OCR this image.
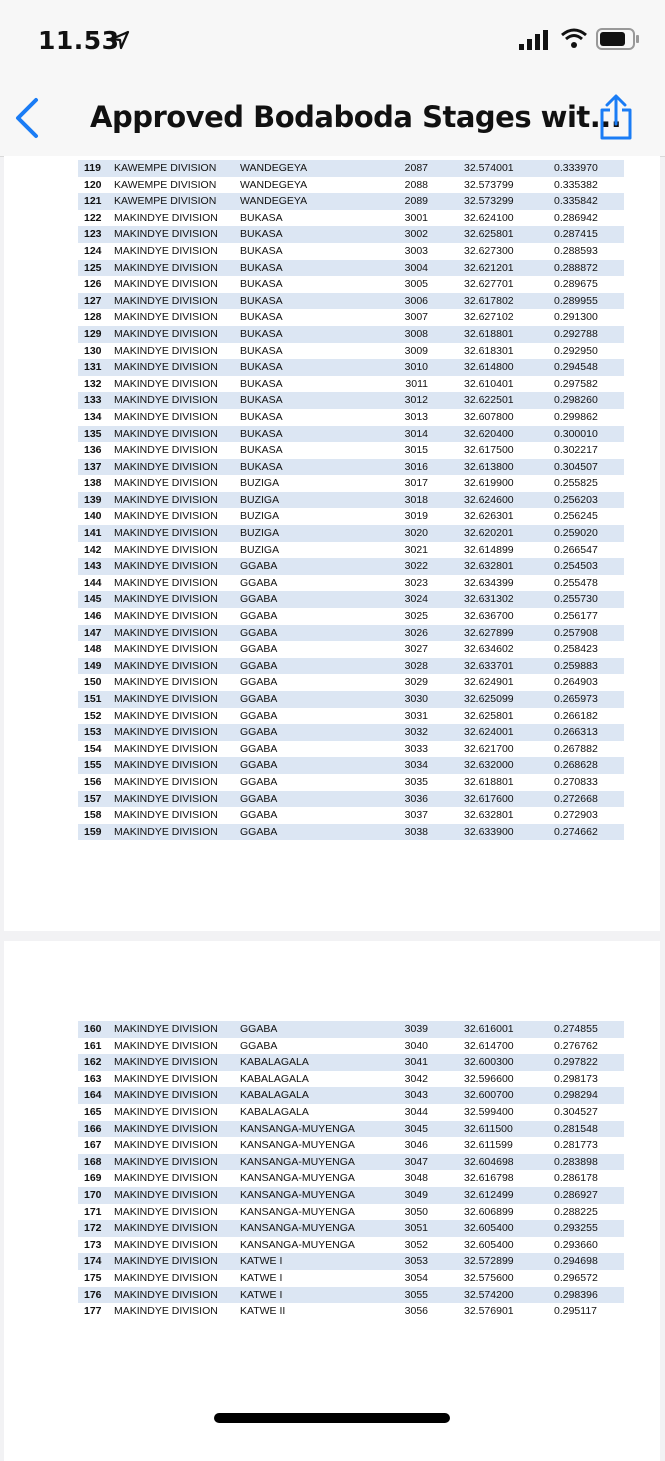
11.53
Approved Bodaboda Stages wit...
119	KAWEMPE DIVISION	WANDEGEYA	2087	32.574001	0.333970
120	KAWEMPE DIVISION	WANDEGEYA	2088	32.573799	0.335382
121	KAWEMPE DIVISION	WANDEGEYA	2089	32.573299	0.335842
122	MAKINDYE DIVISION	BUKASA	3001	32.624100	0.286942
123	MAKINDYE DIVISION	BUKASA	3002	32.625801	0.287415
124	MAKINDYE DIVISION	BUKASA	3003	32.627300	0.288593
125	MAKINDYE DIVISION	BUKASA	3004	32.621201	0.288872
126	MAKINDYE DIVISION	BUKASA	3005	32.627701	0.289675
127	MAKINDYE DIVISION	BUKASA	3006	32.617802	0.289955
128	MAKINDYE DIVISION	BUKASA	3007	32.627102	0.291300
129	MAKINDYE DIVISION	BUKASA	3008	32.618801	0.292788
130	MAKINDYE DIVISION	BUKASA	3009	32.618301	0.292950
131	MAKINDYE DIVISION	BUKASA	3010	32.614800	0.294548
132	MAKINDYE DIVISION	BUKASA	3011	32.610401	0.297582
133	MAKINDYE DIVISION	BUKASA	3012	32.622501	0.298260
134	MAKINDYE DIVISION	BUKASA	3013	32.607800	0.299862
135	MAKINDYE DIVISION	BUKASA	3014	32.620400	0.300010
136	MAKINDYE DIVISION	BUKASA	3015	32.617500	0.302217
137	MAKINDYE DIVISION	BUKASA	3016	32.613800	0.304507
138	MAKINDYE DIVISION	BUZIGA	3017	32.619900	0.255825
139	MAKINDYE DIVISION	BUZIGA	3018	32.624600	0.256203
140	MAKINDYE DIVISION	BUZIGA	3019	32.626301	0.256245
141	MAKINDYE DIVISION	BUZIGA	3020	32.620201	0.259020
142	MAKINDYE DIVISION	BUZIGA	3021	32.614899	0.266547
143	MAKINDYE DIVISION	GGABA	3022	32.632801	0.254503
144	MAKINDYE DIVISION	GGABA	3023	32.634399	0.255478
145	MAKINDYE DIVISION	GGABA	3024	32.631302	0.255730
146	MAKINDYE DIVISION	GGABA	3025	32.636700	0.256177
147	MAKINDYE DIVISION	GGABA	3026	32.627899	0.257908
148	MAKINDYE DIVISION	GGABA	3027	32.634602	0.258423
149	MAKINDYE DIVISION	GGABA	3028	32.633701	0.259883
150	MAKINDYE DIVISION	GGABA	3029	32.624901	0.264903
151	MAKINDYE DIVISION	GGABA	3030	32.625099	0.265973
152	MAKINDYE DIVISION	GGABA	3031	32.625801	0.266182
153	MAKINDYE DIVISION	GGABA	3032	32.624001	0.266313
154	MAKINDYE DIVISION	GGABA	3033	32.621700	0.267882
155	MAKINDYE DIVISION	GGABA	3034	32.632000	0.268628
156	MAKINDYE DIVISION	GGABA	3035	32.618801	0.270833
157	MAKINDYE DIVISION	GGABA	3036	32.617600	0.272668
158	MAKINDYE DIVISION	GGABA	3037	32.632801	0.272903
159	MAKINDYE DIVISION	GGABA	3038	32.633900	0.274662
160	MAKINDYE DIVISION	GGABA	3039	32.616001	0.274855
161	MAKINDYE DIVISION	GGABA	3040	32.614700	0.276762
162	MAKINDYE DIVISION	KABALAGALA	3041	32.600300	0.297822
163	MAKINDYE DIVISION	KABALAGALA	3042	32.596600	0.298173
164	MAKINDYE DIVISION	KABALAGALA	3043	32.600700	0.298294
165	MAKINDYE DIVISION	KABALAGALA	3044	32.599400	0.304527
166	MAKINDYE DIVISION	KANSANGA-MUYENGA	3045	32.611500	0.281548
167	MAKINDYE DIVISION	KANSANGA-MUYENGA	3046	32.611599	0.281773
168	MAKINDYE DIVISION	KANSANGA-MUYENGA	3047	32.604698	0.283898
169	MAKINDYE DIVISION	KANSANGA-MUYENGA	3048	32.616798	0.286178
170	MAKINDYE DIVISION	KANSANGA-MUYENGA	3049	32.612499	0.286927
171	MAKINDYE DIVISION	KANSANGA-MUYENGA	3050	32.606899	0.288225
172	MAKINDYE DIVISION	KANSANGA-MUYENGA	3051	32.605400	0.293255
173	MAKINDYE DIVISION	KANSANGA-MUYENGA	3052	32.605400	0.293660
174	MAKINDYE DIVISION	KATWE I	3053	32.572899	0.294698
175	MAKINDYE DIVISION	KATWE I	3054	32.575600	0.296572
176	MAKINDYE DIVISION	KATWE I	3055	32.574200	0.298396
177	MAKINDYE DIVISION	KATWE II	3056	32.576901	0.295117
